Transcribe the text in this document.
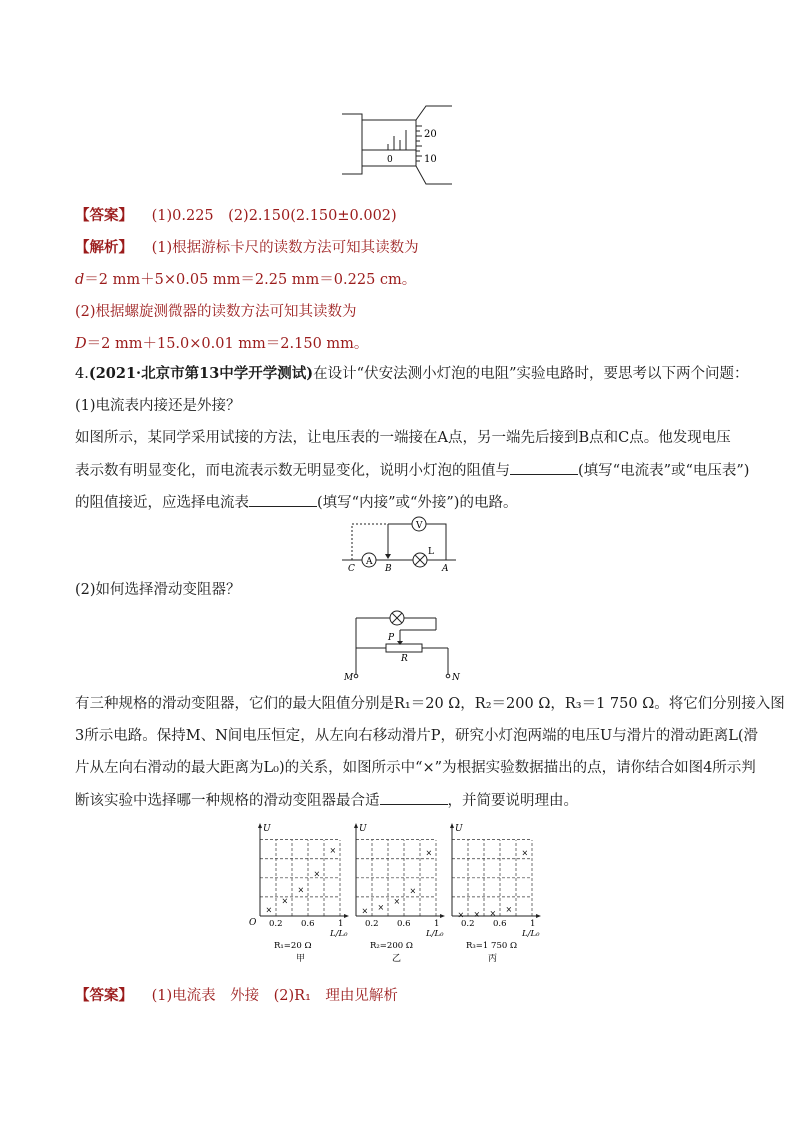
20
10
0
【答案】 (1)0.225　(2)2.150(2.150±0.002)
【解析】 (1)根据游标卡尺的读数方法可知其读数为
d＝2 mm＋5×0.05 mm＝2.25 mm＝0.225 cm。
(2)根据螺旋测微器的读数方法可知其读数为
D＝2 mm＋15.0×0.01 mm＝2.150 mm。
4.(2021·北京市第13中学开学测试)在设计“伏安法测小灯泡的电阻”实验电路时，要思考以下两个问题：
(1)电流表内接还是外接？
如图所示，某同学采用试接的方法，让电压表的一端接在A点，另一端先后接到B点和C点。他发现电压
表示数有明显变化，而电流表示数无明显变化，说明小灯泡的阻值与	(填写“电流表”或“电压表”)
的阻值接近，应选择电流表	(填写“内接”或“外接”)的电路。
A
V
L
C	B	A
(2)如何选择滑动变阻器？
P
R
M	N
有三种规格的滑动变阻器，它们的最大阻值分别是R₁＝20 Ω，R₂＝200 Ω，R₃＝1 750 Ω。将它们分别接入图
3所示电路。保持M、N间电压恒定，从左向右移动滑片P，研究小灯泡两端的电压U与滑片的滑动距离L(滑
片从左向右滑动的最大距离为L₀)的关系，如图所示中“×”为根据实验数据描出的点，请你结合如图4所示判
断该实验中选择哪一种规格的滑动变阻器最合适	，并简要说明理由。
U
O 0.2 0.6	1
L/L₀
R₁=20 Ω
甲
×
×
×
×
×
U
0.2 0.6	1
L/L₀
R₂=200 Ω
乙
× ×
×
×
×
U
0.2 0.6	1
L/L₀
R₃=1 750 Ω
丙
× × × ×
×
【答案】 (1)电流表　外接　(2)R₁　理由见解析
